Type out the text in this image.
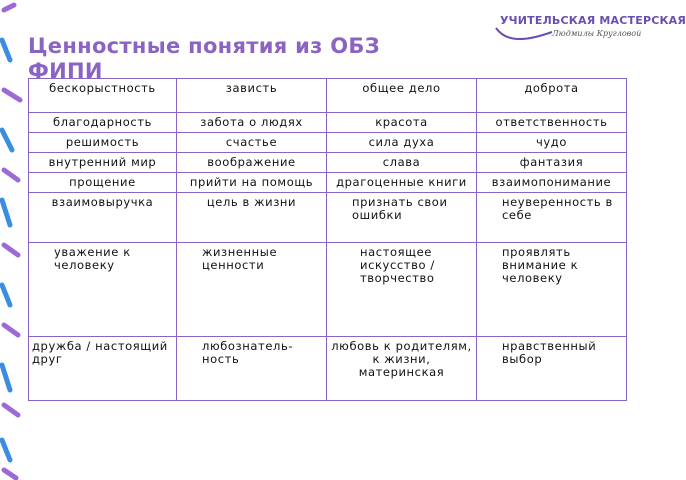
УЧИТЕЛЬСКАЯ МАСТЕРСКАЯ
Людмилы Кругловой
Ценностные понятия из ОБЗ ФИПИ
бескорыстность	зависть	общее дело	доброта
благодарность	забота о людях	красота	ответственность
решимость	счастье	сила духа	чудо
внутренний мир	воображение	слава	фантазия
прощение	прийти на помощь	драгоценные книги	взаимопонимание
взаимовыручка	цель в жизни	признать свои ошибки	неуверенность в себе

уважение к человеку	жизненные ценности	настоящее искусство / творчество	проявлять внимание к человеку

дружба / настоящий друг	любознатель- ность	любовь к родителям, к жизни, материнская	нравственный выбор
